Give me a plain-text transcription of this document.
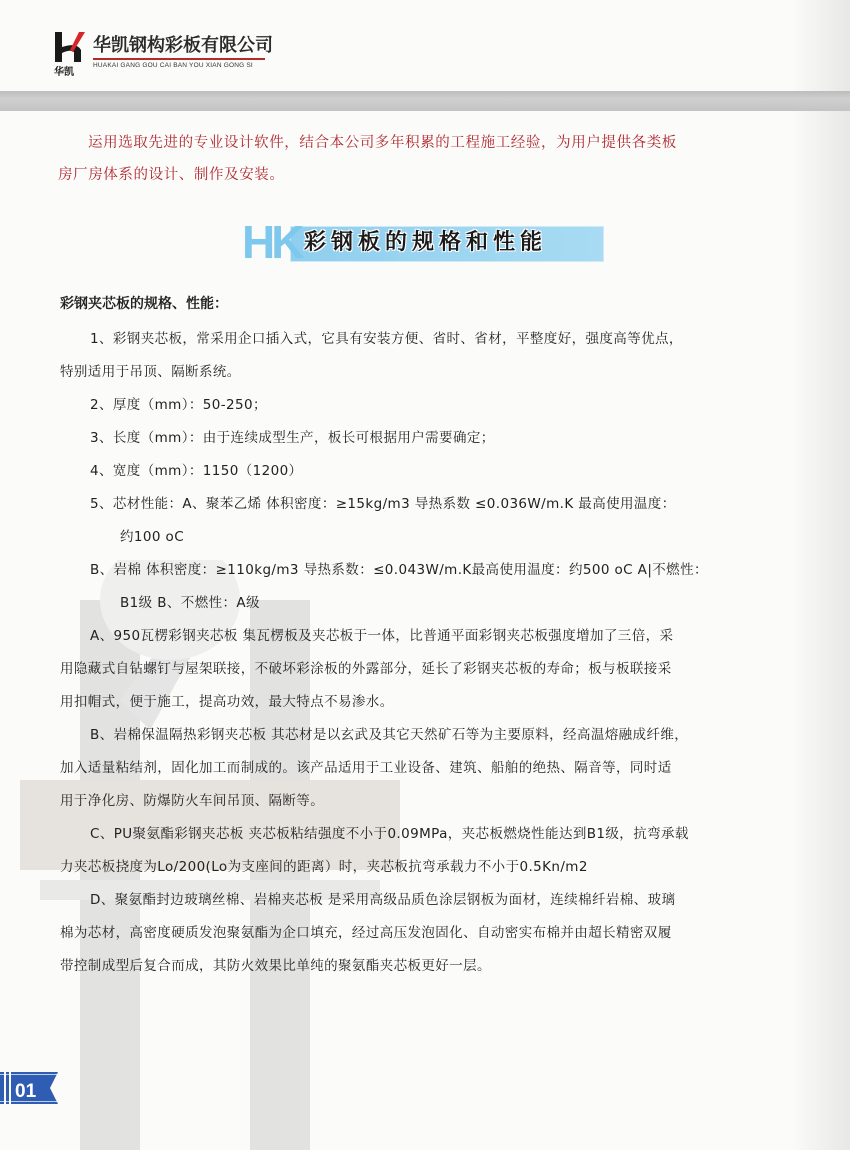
华凯
华凯钢构彩板有限公司
HUAKAI GANG GOU CAI BAN YOU XIAN GONG SI
运用选取先进的专业设计软件，结合本公司多年积累的工程施工经验，为用户提供各类板
房厂房体系的设计、制作及安装。
HK 彩钢板的规格和性能
彩钢夹芯板的规格、性能：
1、彩钢夹芯板，常采用企口插入式，它具有安装方便、省时、省材，平整度好，强度高等优点，
特别适用于吊顶、隔断系统。
2、厚度（mm）：50-250；
3、长度（mm）：由于连续成型生产，板长可根据用户需要确定；
4、宽度（mm）：1150（1200）
5、芯材性能：A、聚苯乙烯 体积密度：≥15kg/m3 导热系数 ≤0.036W/m.K 最高使用温度：
约100 oC
B、岩棉 体积密度：≥110kg/m3 导热系数：≤0.043W/m.K最高使用温度：约500 oC A|不燃性：
B1级 B、不燃性：A级
A、950瓦楞彩钢夹芯板 集瓦楞板及夹芯板于一体，比普通平面彩钢夹芯板强度增加了三倍，采
用隐藏式自钻螺钉与屋架联接，不破坏彩涂板的外露部分，延长了彩钢夹芯板的寿命；板与板联接采
用扣帽式，便于施工，提高功效，最大特点不易渗水。
B、岩棉保温隔热彩钢夹芯板 其芯材是以玄武及其它天然矿石等为主要原料，经高温熔融成纤维，
加入适量粘结剂，固化加工而制成的。该产品适用于工业设备、建筑、船舶的绝热、隔音等，同时适
用于净化房、防爆防火车间吊顶、隔断等。
C、PU聚氨酯彩钢夹芯板 夹芯板粘结强度不小于0.09MPa，夹芯板燃烧性能达到B1级，抗弯承载
力夹芯板挠度为Lo/200(Lo为支座间的距离）时，夹芯板抗弯承载力不小于0.5Kn/m2
D、聚氨酯封边玻璃丝棉、岩棉夹芯板 是采用高级品质色涂层钢板为面材，连续棉纤岩棉、玻璃
棉为芯材，高密度硬质发泡聚氨酯为企口填充，经过高压发泡固化、自动密实布棉并由超长精密双履
带控制成型后复合而成，其防火效果比单纯的聚氨酯夹芯板更好一层。
01
